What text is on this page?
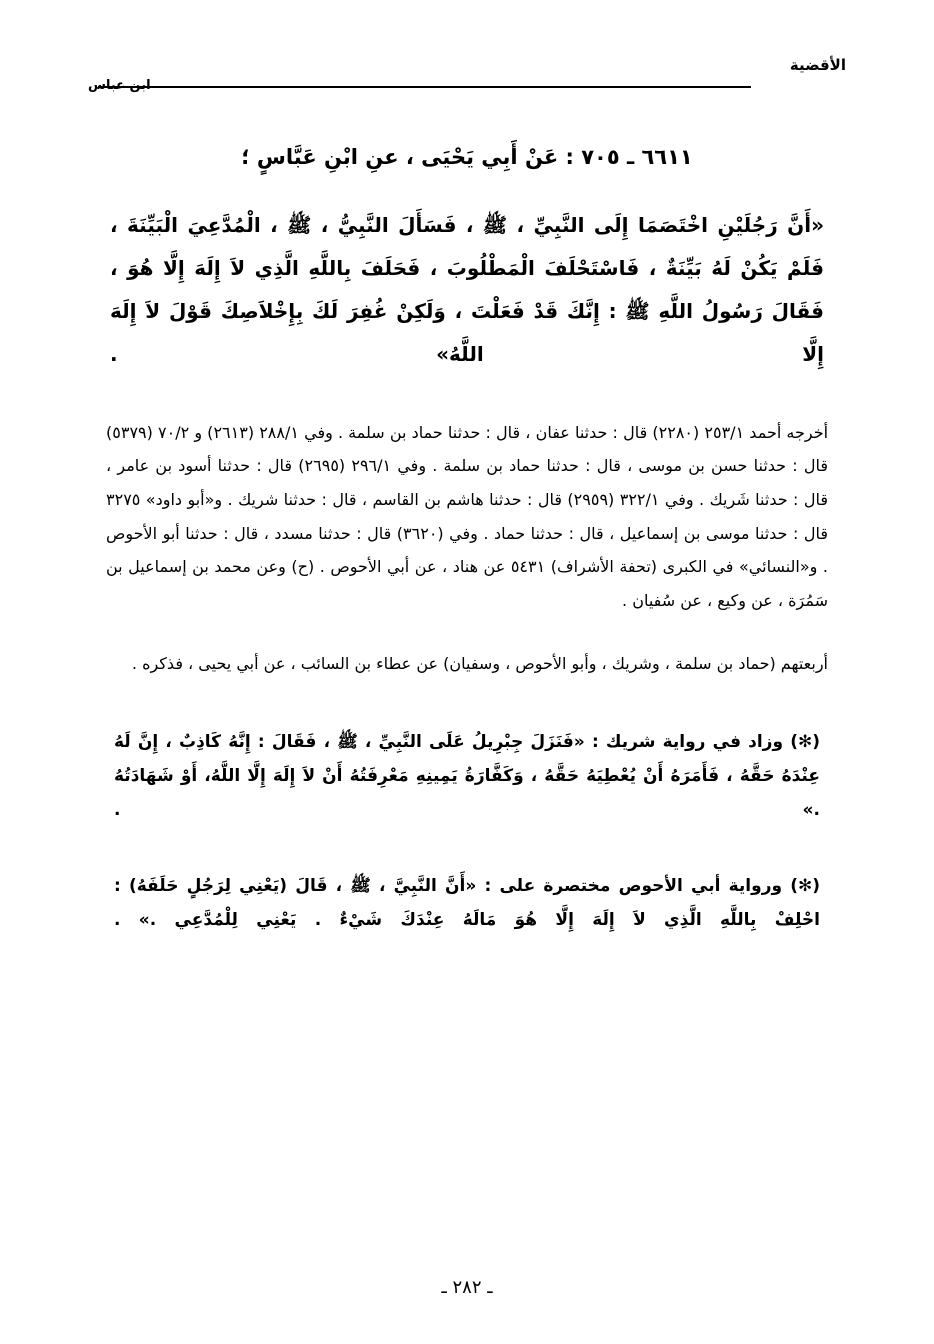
الأقضية
ابن عباس
٦٦١١ ـ ٧٠٥ : عَنْ أَبِي يَحْيَى ، عنِ ابْنِ عَبَّاسٍ ؛
«أَنَّ رَجُلَيْنِ اخْتَصَمَا إِلَى النَّبِيِّ ، ﷺ ، فَسَأَلَ النَّبِيُّ ، ﷺ ، الْمُدَّعِيَ الْبَيِّنَةَ ، فَلَمْ يَكُنْ لَهُ بَيِّنَةٌ ، فَاسْتَحْلَفَ الْمَطْلُوبَ ، فَحَلَفَ بِاللَّهِ الَّذِي لاَ إِلَهَ إِلَّا هُوَ ، فَقَالَ رَسُولُ اللَّهِ ﷺ : إِنَّكَ قَدْ فَعَلْتَ ، وَلَكِنْ غُفِرَ لَكَ بِإِخْلاَصِكَ قَوْلَ لاَ إِلَهَ إِلَّا اللَّهُ» .

أخرجه أحمد ٢٥٣/١ (٢٢٨٠) قال : حدثنا عفان ، قال : حدثنا حماد بن سلمة . وفي ٢٨٨/١ (٢٦١٣) و ٧٠/٢ (٥٣٧٩) قال : حدثنا حسن بن موسى ، قال : حدثنا حماد بن سلمة . وفي ٢٩٦/١ (٢٦٩٥) قال : حدثنا أسود بن عامر ، قال : حدثنا شَريك . وفي ٣٢٢/١ (٢٩٥٩) قال : حدثنا هاشم بن القاسم ، قال : حدثنا شريك . و«أبو داود» ٣٢٧٥ قال : حدثنا موسى بن إسماعيل ، قال : حدثنا حماد . وفي (٣٦٢٠) قال : حدثنا مسدد ، قال : حدثنا أبو الأحوص . و«النسائي» في الكبرى (تحفة الأشراف) ٥٤٣١ عن هناد ، عن أبي الأحوص . (ح) وعن محمد بن إسماعيل بن سَمُرَة ، عن وكيع ، عن سُفيان .

أربعتهم (حماد بن سلمة ، وشريك ، وأبو الأحوص ، وسفيان) عن عطاء بن السائب ، عن أبي يحيى ، فذكره .
(✻) وزاد في رواية شريك : «فَنَزَلَ جِبْرِيلُ عَلَى النَّبِيِّ ، ﷺ ، فَقَالَ : إِنَّهُ كَاذِبٌ ، إِنَّ لَهُ عِنْدَهُ حَقَّهُ ، فَأَمَرَهُ أَنْ يُعْطِيَهُ حَقَّهُ ، وَكَفَّارَةُ يَمِينِهِ مَعْرِفَتُهُ أَنْ لاَ إِلَهَ إِلَّا اللَّهُ، أَوْ شَهَادَتُهُ .» .
(✻) ورواية أبي الأحوص مختصرة على : «أَنَّ النَّبِيَّ ، ﷺ ، قَالَ (يَعْنِي لِرَجُلٍ حَلَفَهُ) : احْلِفْ بِاللَّهِ الَّذِي لاَ إِلَهَ إِلَّا هُوَ مَالَهُ عِنْدَكَ شَيْءٌ . يَعْنِي لِلْمُدَّعِي .» .
ـ ٢٨٢ ـ
